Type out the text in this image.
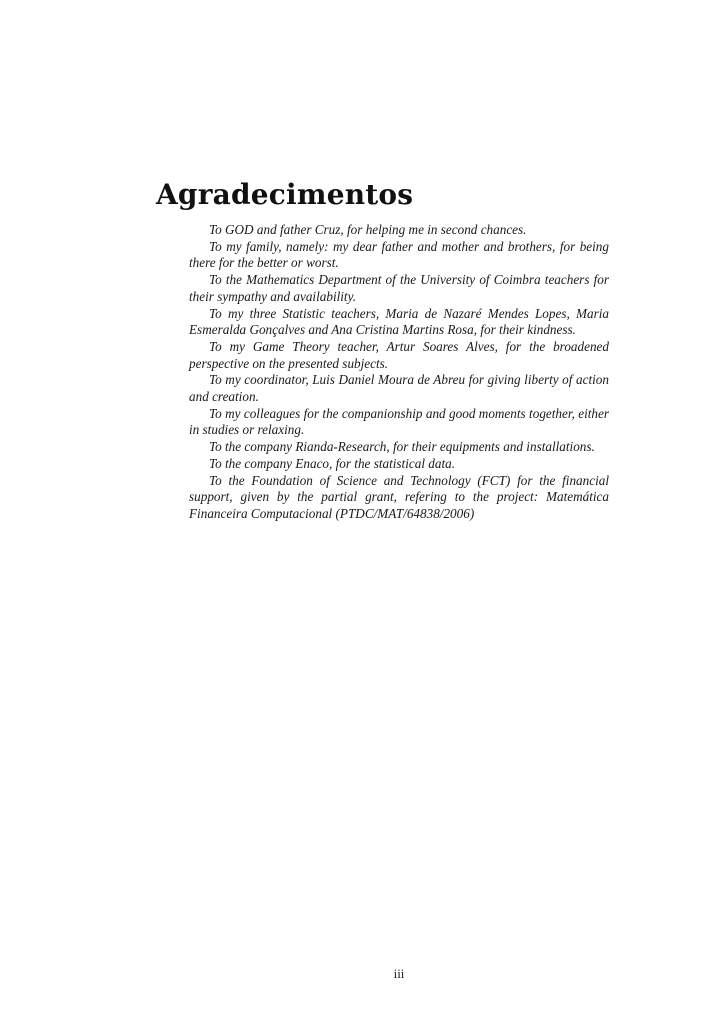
Agradecimentos

To GOD and father Cruz, for helping me in second chances.

To my family, namely: my dear father and mother and brothers, for being there for the better or worst.

To the Mathematics Department of the University of Coimbra teachers for their sympathy and availability.

To my three Statistic teachers, Maria de Nazaré Mendes Lopes, Maria Esmeralda Gonçalves and Ana Cristina Martins Rosa, for their kindness.

To my Game Theory teacher, Artur Soares Alves, for the broadened perspective on the presented subjects.

To my coordinator, Luis Daniel Moura de Abreu for giving liberty of action and creation.

To my colleagues for the companionship and good moments together, either in studies or relaxing.

To the company Rianda-Research, for their equipments and installations.

To the company Enaco, for the statistical data.

To the Foundation of Science and Technology (FCT) for the financial support, given by the partial grant, refering to the project: Matemática Financeira Computacional (PTDC/MAT/64838/2006)

iii
